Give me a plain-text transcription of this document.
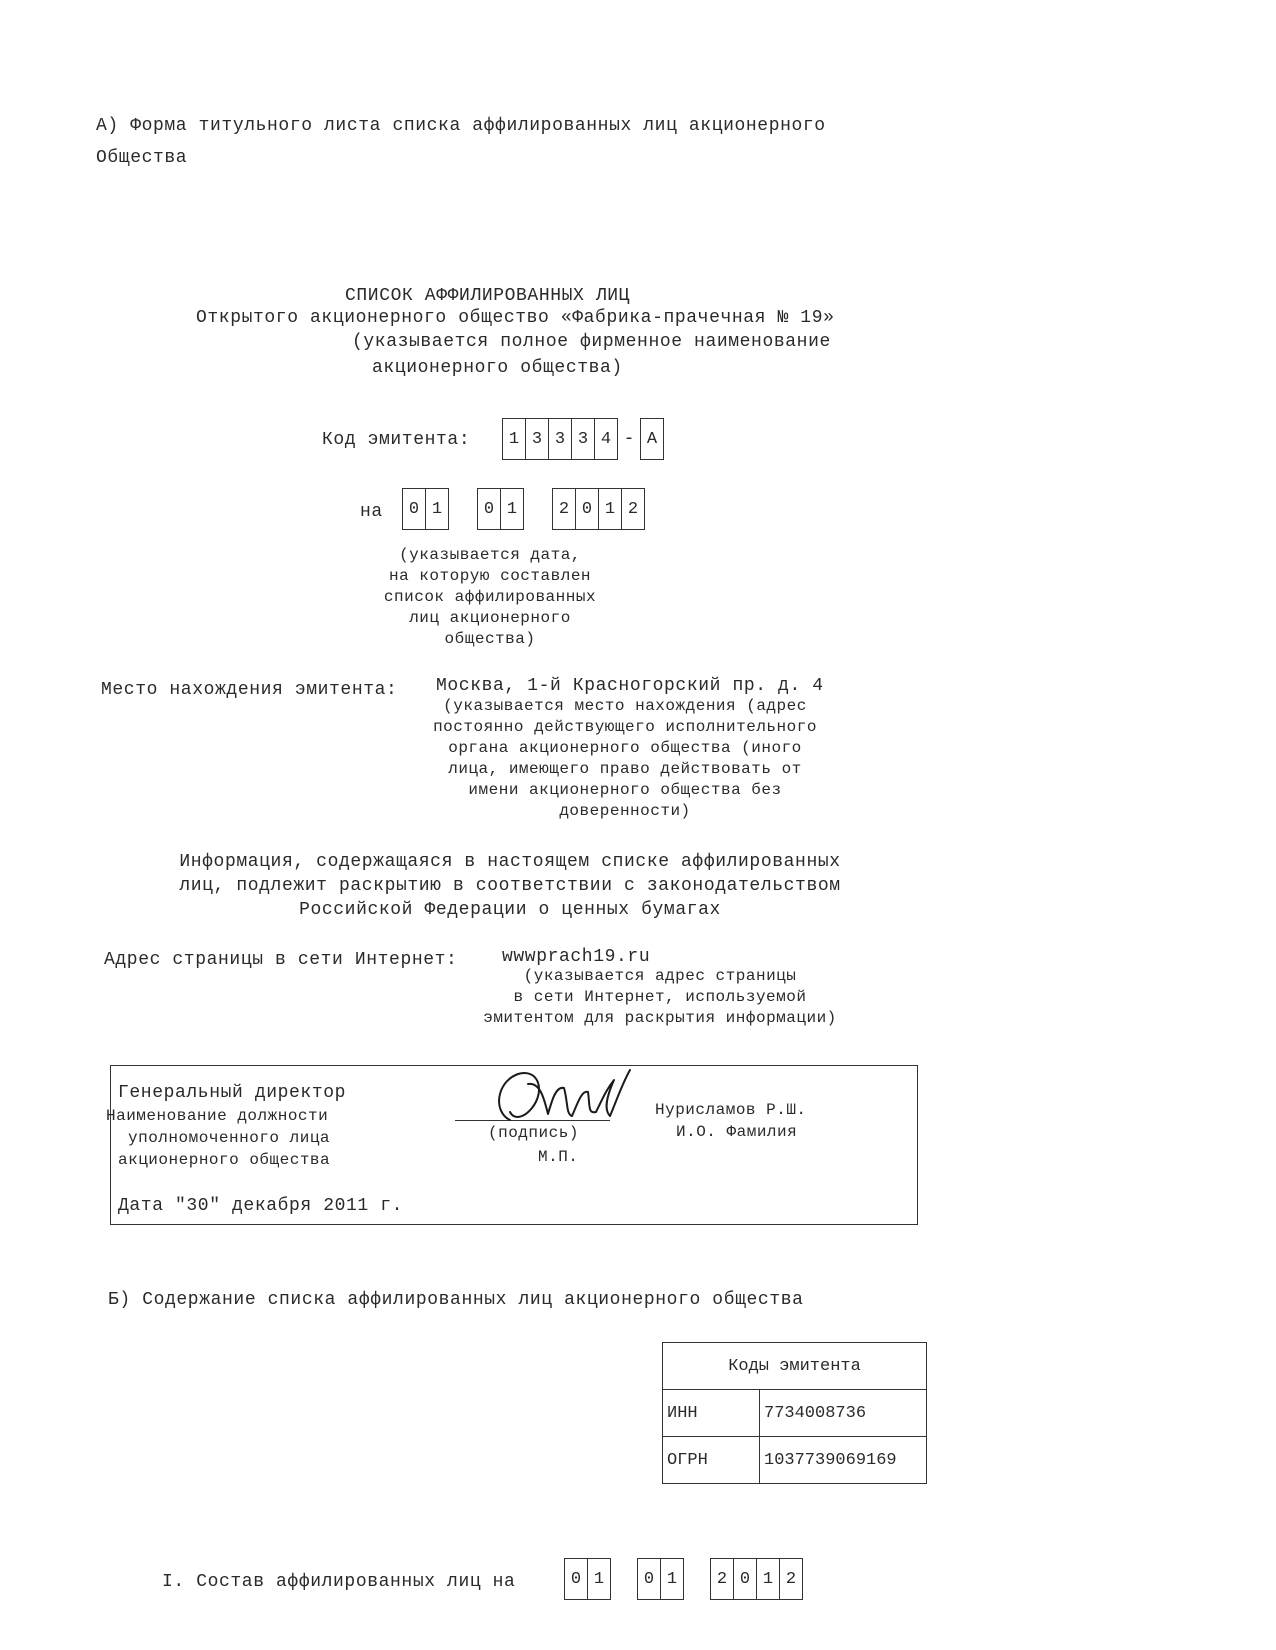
А) Форма титульного листа списка аффилированных лиц акционерного
Общества
СПИСОК АФФИЛИРОВАННЫХ ЛИЦ
Открытого акционерного общество «Фабрика-прачечная № 19»
(указывается полное фирменное наименование
акционерного общества)
Код эмитента:	1 3 3 3 4 - А
на	0 1	0 1	2 0 1 2
(указывается дата,
на которую составлен
список аффилированных
лиц акционерного
общества)
Место нахождения эмитента: Москва, 1-й Красногорский пр. д. 4
(указывается место нахождения (адрес
постоянно действующего исполнительного
органа акционерного общества (иного
лица, имеющего право действовать от
имени акционерного общества без
доверенности)
Информация, содержащаяся в настоящем списке аффилированных
лиц, подлежит раскрытию в соответствии с законодательством
Российской Федерации о ценных бумагах
Адрес страницы в сети Интернет: wwwprach19.ru
(указывается адрес страницы
в сети Интернет, используемой
эмитентом для раскрытия информации)
Генеральный директор
Наименование должности
уполномоченного лица
акционерного общества
(подпись)
М.П.
Нурисламов Р.Ш.
И.О. Фамилия
Дата "30" декабря 2011 г.
Б) Содержание списка аффилированных лиц акционерного общества
Коды эмитента	
ИНН	7734008736
ОГРН	1037739069169
I. Состав аффилированных лиц на	0 1	0 1	2 0 1 2
